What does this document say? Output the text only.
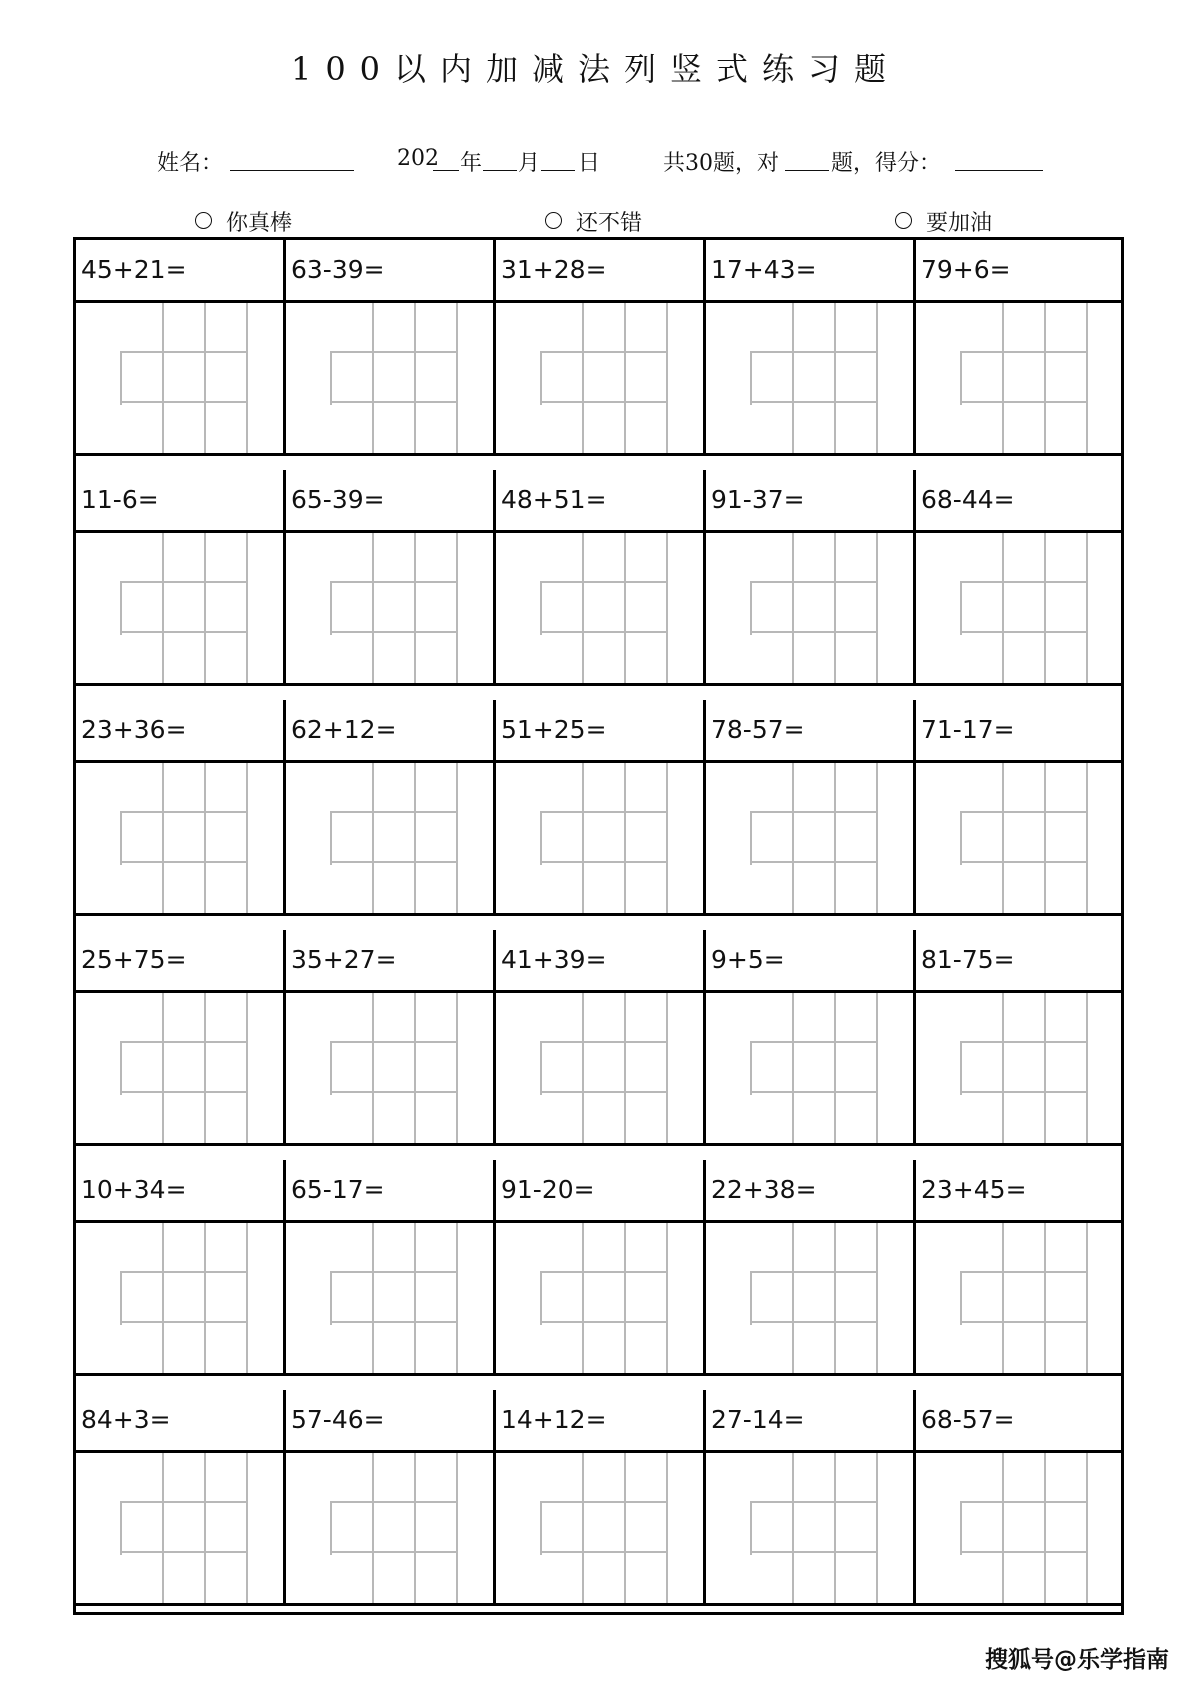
100以内加减法列竖式练习题
姓名：	202 年 月 日	共30题，对 题，得分：
你真棒	还不错	要加油
45+21=	63-39=	31+28=	17+43=	79+6=
11-6=	65-39=	48+51=	91-37=	68-44=
23+36=	62+12=	51+25=	78-57=	71-17=
25+75=	35+27=	41+39=	9+5=	81-75=
10+34=	65-17=	91-20=	22+38=	23+45=
84+3=	57-46=	14+12=	27-14=	68-57=
搜狐号@乐学指南
